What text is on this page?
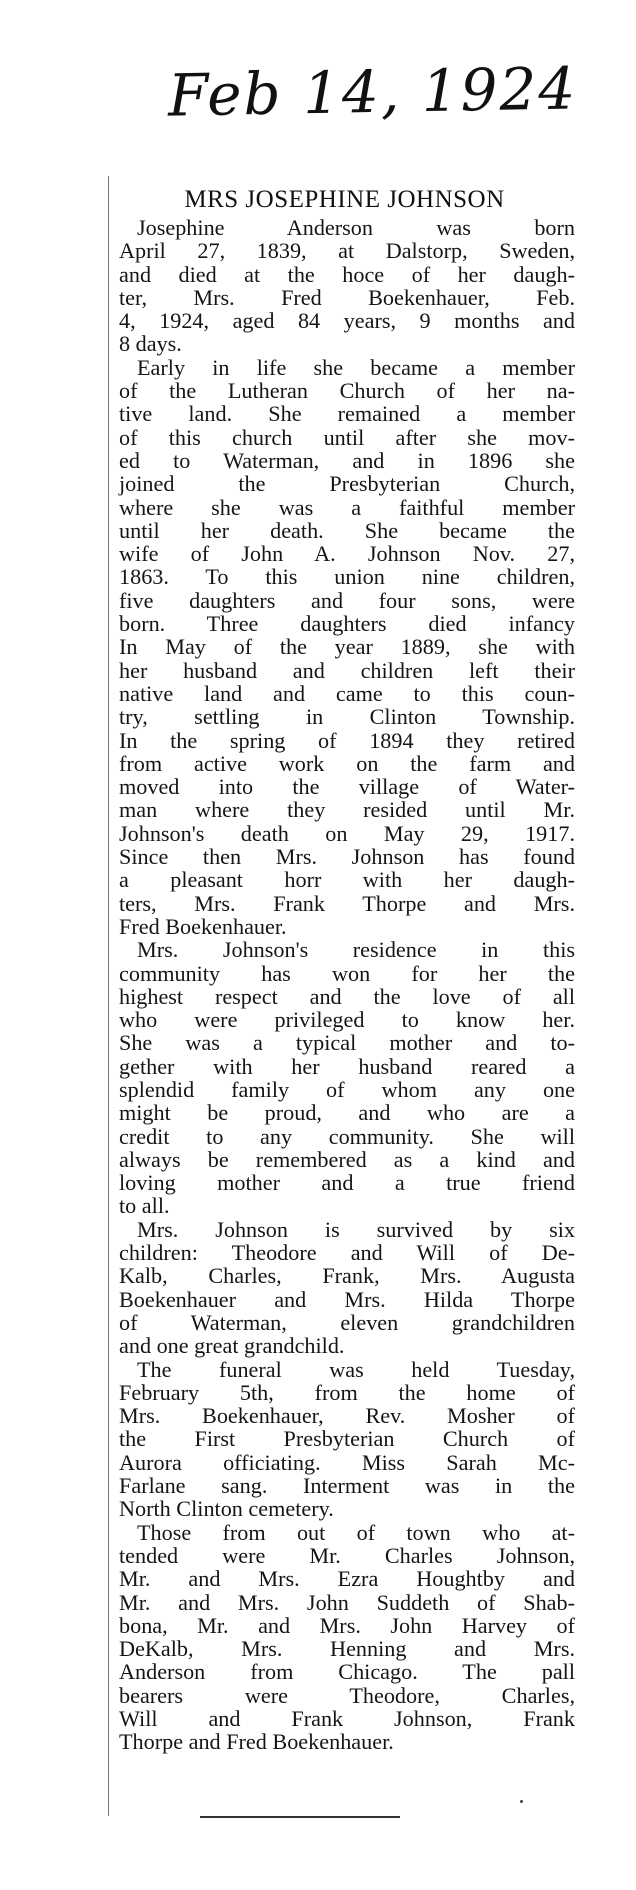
Feb 14, 1924
MRS JOSEPHINE JOHNSON
Josephine Anderson was born
April 27, 1839, at Dalstorp, Sweden,
and died at the hoce of her daugh-
ter, Mrs. Fred Boekenhauer, Feb.
4, 1924, aged 84 years, 9 months and
8 days.
Early in life she became a member
of the Lutheran Church of her na-
tive land. She remained a member
of this church until after she mov-
ed to Waterman, and in 1896 she
joined the Presbyterian Church,
where she was a faithful member
until her death. She became the
wife of John A. Johnson Nov. 27,
1863. To this union nine children,
five daughters and four sons, were
born. Three daughters died infancy
In May of the year 1889, she with
her husband and children left their
native land and came to this coun-
try, settling in Clinton Township.
In the spring of 1894 they retired
from active work on the farm and
moved into the village of Water-
man where they resided until Mr.
Johnson's death on May 29, 1917.
Since then Mrs. Johnson has found
a pleasant horr with her daugh-
ters, Mrs. Frank Thorpe and Mrs.
Fred Boekenhauer.
Mrs. Johnson's residence in this
community has won for her the
highest respect and the love of all
who were privileged to know her.
She was a typical mother and to-
gether with her husband reared a
splendid family of whom any one
might be proud, and who are a
credit to any community. She will
always be remembered as a kind and
loving mother and a true friend
to all.
Mrs. Johnson is survived by six
children: Theodore and Will of De-
Kalb, Charles, Frank, Mrs. Augusta
Boekenhauer and Mrs. Hilda Thorpe
of Waterman, eleven grandchildren
and one great grandchild.
The funeral was held Tuesday,
February 5th, from the home of
Mrs. Boekenhauer, Rev. Mosher of
the First Presbyterian Church of
Aurora officiating. Miss Sarah Mc-
Farlane sang. Interment was in the
North Clinton cemetery.
Those from out of town who at-
tended were Mr. Charles Johnson,
Mr. and Mrs. Ezra Houghtby and
Mr. and Mrs. John Suddeth of Shab-
bona, Mr. and Mrs. John Harvey of
DeKalb, Mrs. Henning and Mrs.
Anderson from Chicago. The pall
bearers were Theodore, Charles,
Will and Frank Johnson, Frank
Thorpe and Fred Boekenhauer.
